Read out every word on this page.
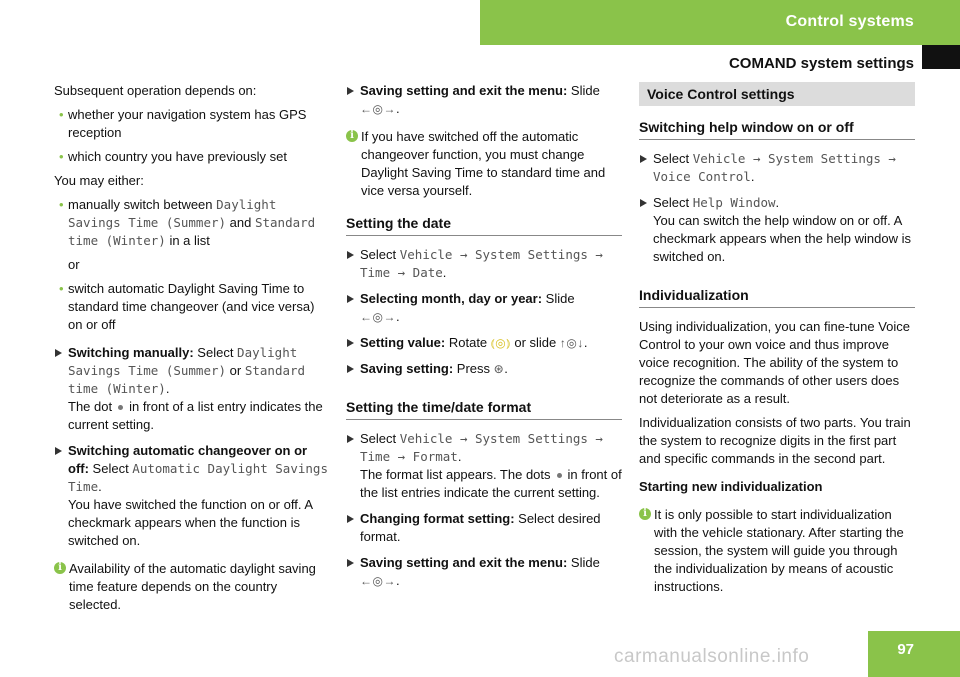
Control systems
COMAND system settings

Subsequent operation depends on:

• whether your navigation system has GPS reception
• which country you have previously set

You may either:

• manually switch between Daylight Savings Time (Summer) and Standard time (Winter) in a list
or
• switch automatic Daylight Saving Time to standard time changeover (and vice versa) on or off
Switching manually: Select Daylight Savings Time (Summer) or Standard time (Winter).
The dot in front of a list entry indicates the current setting.
Switching automatic changeover on or off: Select Automatic Daylight Savings Time.
You have switched the function on or off. A checkmark appears when the function is switched on.
i Availability of the automatic daylight saving time feature depends on the country selected.
Saving setting and exit the menu: Slide
←◎→.
i If you have switched off the automatic changeover function, you must change Daylight Saving Time to standard time and vice versa yourself.
Setting the date
Select Vehicle → System Settings → Time → Date.
Selecting month, day or year: Slide
←◎→.
Setting value: Rotate ⦅◎⦆ or slide ↑◎↓.
Saving setting: Press ⊛.
Setting the time/date format
Select Vehicle → System Settings → Time → Format.
The format list appears. The dots in front of the list entries indicate the current setting.
Changing format setting: Select desired format.
Saving setting and exit the menu: Slide
←◎→.
Voice Control settings
Switching help window on or off
Select Vehicle → System Settings → Voice Control.
Select Help Window.
You can switch the help window on or off. A checkmark appears when the help window is switched on.
Individualization

Using individualization, you can fine-tune Voice Control to your own voice and thus improve voice recognition. The ability of the system to recognize the commands of other users does not deteriorate as a result.

Individualization consists of two parts. You train the system to recognize digits in the first part and specific commands in the second part.

Starting new individualization

i It is only possible to start individualization with the vehicle stationary. After starting the session, the system will guide you through the individualization by means of acoustic instructions.
97
carmanualsonline.info
